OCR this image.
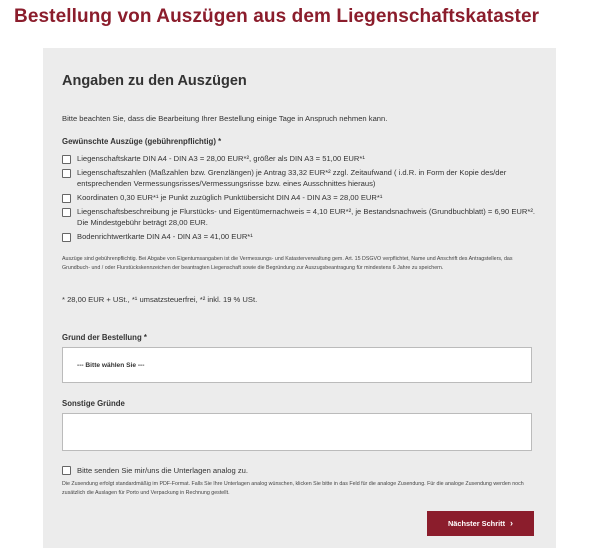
Bestellung von Auszügen aus dem Liegenschaftskataster
Angaben zu den Auszügen
Bitte beachten Sie, dass die Bearbeitung Ihrer Bestellung einige Tage in Anspruch nehmen kann.
Gewünschte Auszüge (gebührenpflichtig) *
Liegenschaftskarte DIN A4 - DIN A3 = 28,00 EUR*², größer als DIN A3 = 51,00 EUR*¹
Liegenschaftszahlen (Maßzahlen bzw. Grenzlängen) je Antrag 33,32 EUR*² zzgl. Zeitaufwand ( i.d.R. in Form der Kopie des/der entsprechenden Vermessungsrisses/Vermessungsrisse bzw. eines Ausschnittes hieraus)
Koordinaten 0,30 EUR*¹ je Punkt zuzüglich Punktübersicht DIN A4 - DIN A3 = 28,00 EUR*¹
Liegenschaftsbeschreibung je Flurstücks- und Eigentümernachweis = 4,10 EUR*², je Bestandsnachweis (Grundbuchblatt) = 6,90 EUR*². Die Mindestgebühr beträgt 28,00 EUR.
Bodenrichtwertkarte DIN A4 - DIN A3 = 41,00 EUR*¹
Auszüge sind gebührenpflichtig. Bei Abgabe von Eigentumsangaben ist die Vermessungs- und Katasterverwaltung gem. Art. 15 DSGVO verpflichtet, Name und Anschrift des Antragstellers, das Grundbuch- und / oder Flurstückskennzeichen der beantragten Liegenschaft sowie die Begründung zur Auszugsbeantragung für mindestens 6 Jahre zu speichern.
* 28,00 EUR + USt., *¹ umsatzsteuerfrei, *² inkl. 19 % USt.
Grund der Bestellung *
--- Bitte wählen Sie ---
Sonstige Gründe
Bitte senden Sie mir/uns die Unterlagen analog zu.
Die Zusendung erfolgt standardmäßig im PDF-Format. Falls Sie Ihre Unterlagen analog wünschen, klicken Sie bitte in das Feld für die analoge Zusendung. Für die analoge Zusendung werden noch zusätzlich die Auslagen für Porto und Verpackung in Rechnung gestellt.
Nächster Schritt ›
